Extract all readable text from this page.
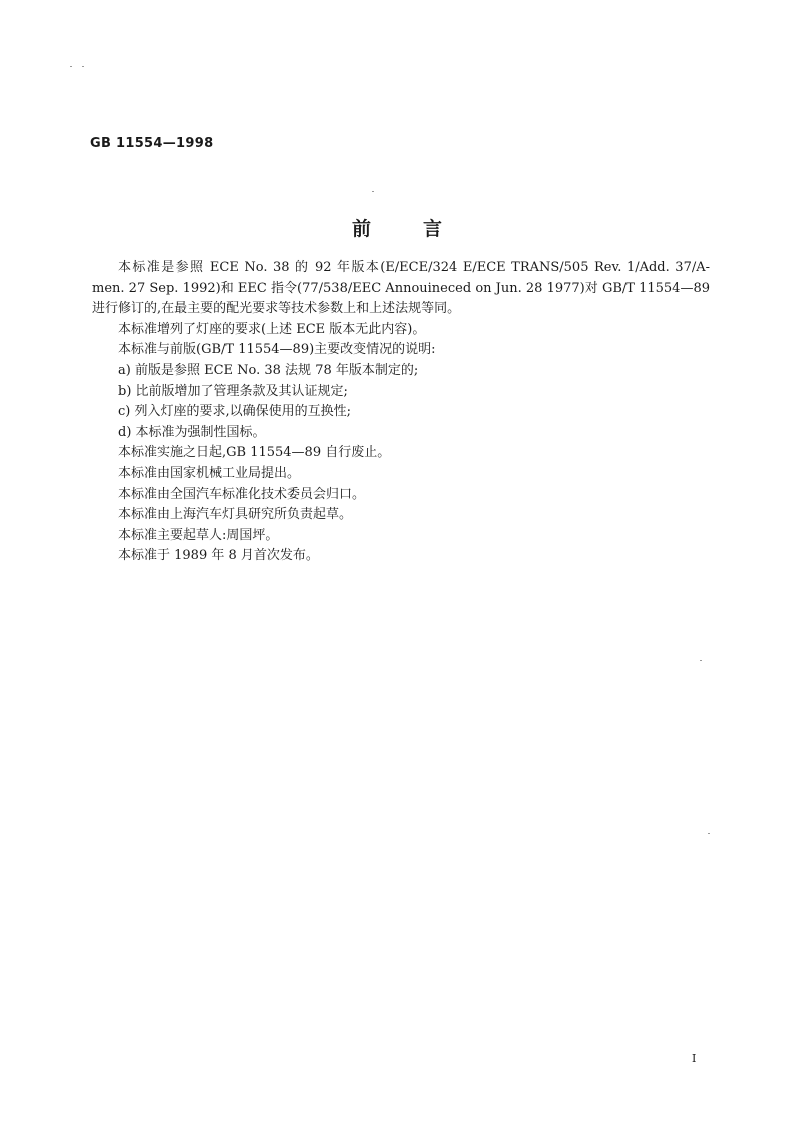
GB 11554—1998
前言

本标准是参照 ECE No. 38 的 92 年版本(E/ECE/324 E/ECE TRANS/505 Rev. 1/Add. 37/A-men. 27 Sep. 1992)和 EEC 指令(77/538/EEC Annouineced on Jun. 28 1977)对 GB/T 11554—89 进行修订的,在最主要的配光要求等技术参数上和上述法规等同。

本标准增列了灯座的要求(上述 ECE 版本无此内容)。

本标准与前版(GB/T 11554—89)主要改变情况的说明:

a) 前版是参照 ECE No. 38 法规 78 年版本制定的;

b) 比前版增加了管理条款及其认证规定;

c) 列入灯座的要求,以确保使用的互换性;

d) 本标准为强制性国标。

本标准实施之日起,GB 11554—89 自行废止。

本标准由国家机械工业局提出。

本标准由全国汽车标准化技术委员会归口。

本标准由上海汽车灯具研究所负责起草。

本标准主要起草人:周国坪。

本标准于 1989 年 8 月首次发布。

I
